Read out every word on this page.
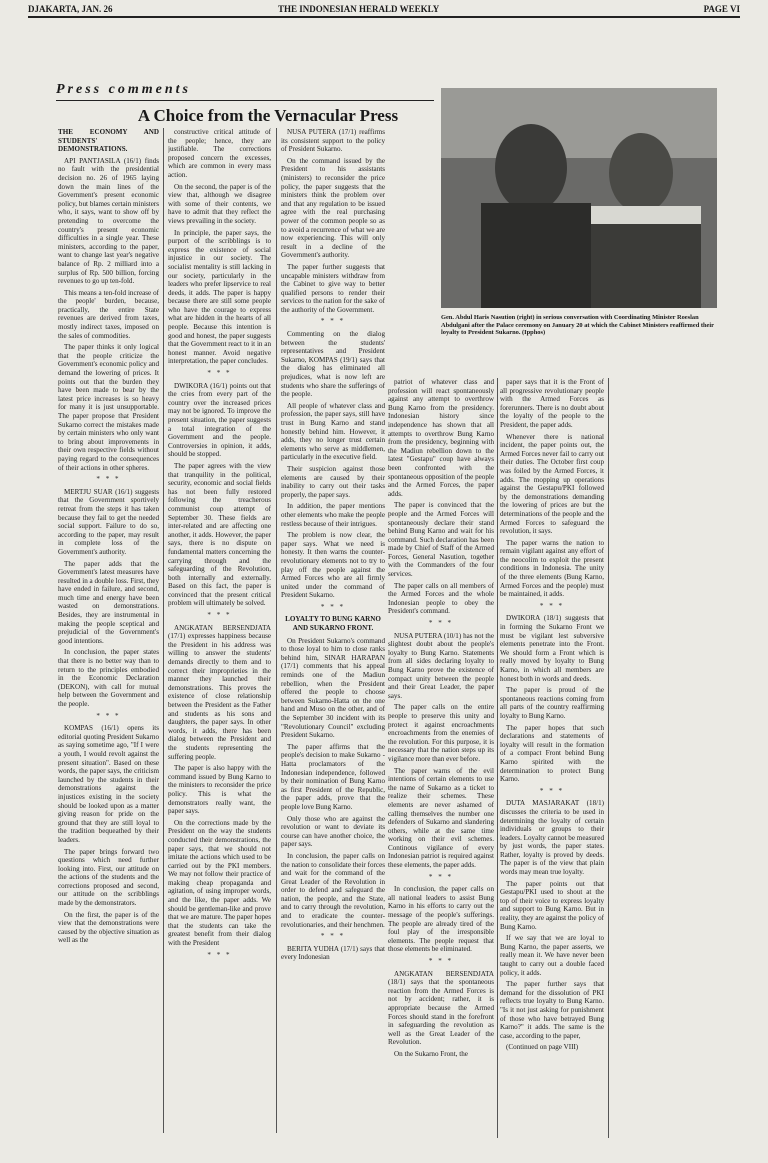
DJAKARTA, JAN. 26	THE INDONESIAN HERALD WEEKLY	PAGE VI
Press comments
A Choice from the Vernacular Press
Gen. Abdul Haris Nasution (right) in serious conversation with Coordinating Minister Roeslan Abdulgani after the Palace ceremony on January 20 at which the Cabinet Ministers reaffirmed their loyalty to President Sukarno. (Ipphos)

THE ECONOMY AND STUDENTS' DEMONSTRATIONS.

API PANTJASILA (16/1) finds no fault with the presidential decision no. 26 of 1965 laying down the main lines of the Government's present economic policy, but blames certain ministers who, it says, want to show off by pretending to overcome the country's present economic difficulties in a single year. These ministers, according to the paper, want to change last year's negative balance of Rp. 2 milliard into a surplus of Rp. 500 billion, forcing revenues to go up ten-fold.

This means a ten-fold increase of the people' burden, because, practically, the entire State revenues are derived from taxes, mostly indirect taxes, imposed on the sales of commodities.

The paper thinks it only logical that the people criticize the Government's economic policy and demand the lowering of prices. It points out that the burden they have been made to bear by the latest price increases is so heavy for many it is just unsupportable. The paper propose that President Sukarno correct the mistakes made by certain ministers who only want to bring about improvements in their own respective fields without paying regard to the consequences of their actions in other spheres.

* * *

MERTJU SUAR (16/1) suggests that the Government sportively retreat from the steps it has taken because they fail to get the needed social support. Failure to do so, according to the paper, may result in complete loss of the Government's authority.

The paper adds that the Government's latest measures have resulted in a double loss. First, they have ended in failure, and second, much time and energy have been wasted on demonstrations. Besides, they are instrumental in making the people sceptical and prejudicial of the Government's good intentions.

In conclusion, the paper states that there is no better way than to return to the principles embodied in the Economic Declaration (DEKON), with call for mutual help between the Government and the people.

* * *

KOMPAS (16/1) opens its editorial quoting President Sukarno as saying sometime ago, "If I were a youth, I would revolt against the present situation". Based on these words, the paper says, the criticism launched by the students in their demonstrations against the injustices existing in the society should be looked upon as a matter giving reason for pride on the ground that they are still loyal to the tradition bequeathed by their leaders.

The paper brings forward two questions which need further looking into. First, our attitude on the actions of the students and the corrections proposed and second, our attitude on the scribblings made by the demonstrators.

On the first, the paper is of the view that the demonstrations were caused by the objective situation as well as the

constructive critical attitude of the people; hence, they are justifiable. The corrections proposed concern the excesses, which are common in every mass action.

On the second, the paper is of the view that, although we disagree with some of their contents, we have to admit that they reflect the views prevailing in the society.

In principle, the paper says, the purport of the scribblings is to express the existence of social injustice in our society. The socialist mentality is still lacking in our society, particularly in the leaders who prefer lipservice to real deeds, it adds. The paper is happy because there are still some people who have the courage to express what are hidden in the hearts of all people. Because this intention is good and honest, the paper suggests that the Government react to it in an honest manner. Avoid negative interpretation, the paper concludes.

* * *

DWIKORA (16/1) points out that the cries from every part of the country over the increased prices may not be ignored. To improve the present situation, the paper suggests a total integration of the Government and the people. Controversies in opinion, it adds, should be stopped.

The paper agrees with the view that tranquility in the political, security, economic and social fields has not been fully restored following the treacherous communist coup attempt of September 30. These fields are inter-related and are affecting one another, it adds. However, the paper says, there is no dispute on fundamental matters concerning the carrying through and the safeguarding of the Revolution, both internally and externally. Based on this fact, the paper is convinced that the present critical problem will ultimately be solved.

* * *

ANGKATAN BERSENDJATA (17/1) expresses happiness because the President in his address was willing to answer the students' demands directly to them and to correct their improprieties in the manner they launched their demonstrations. This proves the existence of close relationship between the President as the Father and students as his sons and daughters, the paper says. In other words, it adds, there has been dialog between the President and the students representing the suffering people.

The paper is also happy with the command issued by Bung Karno to the ministers to reconsider the price policy. This is what the demonstrators really want, the paper says.

On the corrections made by the President on the way the students conducted their demonstrations, the paper says, that we should not imitate the actions which used to be carried out by the PKI members. We may not follow their practice of making cheap propaganda and agitation, of using improper words, and the like, the paper adds. We should be gentleman-like and prove that we are mature. The paper hopes that the students can take the greatest benefit from their dialog with the President

* * *

NUSA PUTERA (17/1) reaffirms its consistent support to the policy of President Sukarno.

On the command issued by the President to his assistants (ministers) to reconsider the price policy, the paper suggests that the ministers think the problem over and that any regulation to be issued agree with the real purchasing power of the common people so as to avoid a recurrence of what we are now experiencing. This will only result in a decline of the Government's authority.

The paper further suggests that uncapable ministers withdraw from the Cabinet to give way to better qualified persons to render their services to the nation for the sake of the authority of the Government.

* * *

Commenting on the dialog between the students' representatives and President Sukarno, KOMPAS (19/1) says that the dialog has eliminated all prejudices, what is now left are students who share the sufferings of the people.

All people of whatever class and profession, the paper says, still have trust in Bung Karno and stand honestly behind him. However, it adds, they no longer trust certain elements who serve as middlemen, particularly in the executive field.

Their suspicion against those elements are caused by their inability to carry out their tasks properly, the paper says.

In addition, the paper mentions other elements who make the people restless because of their intrigues.

The problem is now clear, the paper says. What we need is honesty. It then warns the counter-revolutionary elements not to try to play off the people against the Armed Forces who are all firmly united under the command of President Sukarno.

* * *

LOYALTY TO BUNG KARNO AND SUKARNO FRONT.

On President Sukarno's command to those loyal to him to close ranks behind him, SINAR HARAPAN (17/1) comments that his appeal reminds one of the Madiun rebellion, when the President offered the people to choose between Sukarno-Hatta on the one hand and Muso on the other, and of the September 30 incident with its "Revolutionary Council" excluding President Sukarno.

The paper affirms that the people's decision to make Sukarno - Hatta proclamators of the Indonesian independence, followed by their nomination of Bung Karno as first President of the Republic, the paper adds, prove that the people love Bung Karno.

Only those who are against the revolution or want to deviate its course can have another choice, the paper says.

In conclusion, the paper calls on the nation to consolidate their forces and wait for the command of the Great Leader of the Revolution in order to defend and safeguard the nation, the people, and the State, and to carry through the revolution, and to eradicate the counter-revolutionaries, and their henchmen.

* * *

BERITA YUDHA (17/1) says that every Indonesian

patriot of whatever class and profession will react spontaneously against any attempt to overthrow Bung Karno from the presidency. Indonesian history since independence has shown that all attempts to overthrow Bung Karno from the presidency, beginning with the Madiun rebellion down to the latest "Gestapu" coup have always been confronted with the spontaneous opposition of the people and the Armed Forces, the paper adds.

The paper is convinced that the people and the Armed Forces will spontaneously declare their stand behind Bung Karno and wait for his command. Such declaration has been made by Chief of Staff of the Armed Forces, General Nasution, together with the Commanders of the four services.

The paper calls on all members of the Armed Forces and the whole Indonesian people to obey the President's command.

* * *

NUSA PUTERA (10/1) has not the slightest doubt about the people's loyalty to Bung Karno. Statements from all sides declaring loyalty to Bung Karno prove the existence of compact unity between the people and their Great Leader, the paper says.

The paper calls on the entire people to preserve this unity and protect it against encroachments encroachments from the enemies of the revolution. For this purpose, it is necessary that the nation steps up its vigilance more than ever before.

The paper warns of the evil intentions of certain elements to use the name of Sukarno as a ticket to realize their schemes. These elements are never ashamed of calling themselves the number one defenders of Sukarno and slandering others, while at the same time working on their evil schemes. Continous vigilance of every Indonesian patriot is required against these elements, the paper adds.

* * *

In conclusion, the paper calls on all national leaders to assist Bung Karno in his efforts to carry out the message of the people's sufferings. The people are already tired of the foul play of the irresponsible elements. The people request that those elements be eliminated.

* * *

ANGKATAN BERSENDJATA (18/1) says that the spontaneous reaction from the Armed Forces is not by accident; rather, it is appropriate because the Armed Forces should stand in the forefront in safeguarding the revolution as well as the Great Leader of the Revolution.

On the Sukarno Front, the

paper says that it is the Front of all progressive revolutionary people with the Armed Forces as forerunners. There is no doubt about the loyalty of the people to the President, the paper adds.

Whenever there is national incident, the paper points out, the Armed Forces never fail to carry out their duties. The October first coup was foiled by the Armed Forces, it adds. The mopping up operations against the Gestapu/PKI followed by the demonstrations demanding the lowering of prices are but the determinations of the people and the Armed Forces to safeguard the revolution, it says.

The paper warns the nation to remain vigilant against any effort of the neocolim to exploit the present conditions in Indonesia. The unity of the three elements (Bung Karno, Armed Forces and the people) must be maintained, it adds.

* * *

DWIKORA (18/1) suggests that in forming the Sukarno Front we must be vigilant lest subversive elements penetrate into the Front. We should form a Front which is really moved by loyalty to Bung Karno, in which all members are honest both in words and deeds.

The paper is proud of the spontaneous reactions coming from all parts of the country reaffirming loyalty to Bung Karno.

The paper hopes that such declarations and statements of loyalty will result in the formation of a compact Front behind Bung Karno spirited with the determination to protect Bung Karno.

* * *

DUTA MASJARAKAT (18/1) discusses the criteria to be used in determining the loyalty of certain individuals or groups to their leaders. Loyalty cannot be measured by just words, the paper states. Rather, loyalty is proved by deeds. The paper is of the view that plain words may mean true loyalty.

The paper points out that Gestapu/PKI used to shout at the top of their voice to express loyalty and support to Bung Karno. But in reality, they are against the policy of Bung Karno.

If we say that we are loyal to Bung Karno, the paper asserts, we really mean it. We have never been taught to carry out a double faced policy, it adds.

The paper further says that demand for the dissolution of PKI reflects true loyalty to Bung Karno. "Is it not just asking for punishment of those who have betrayed Bung Karno?" it adds. The same is the case, according to the paper,

(Continued on page VIII)
